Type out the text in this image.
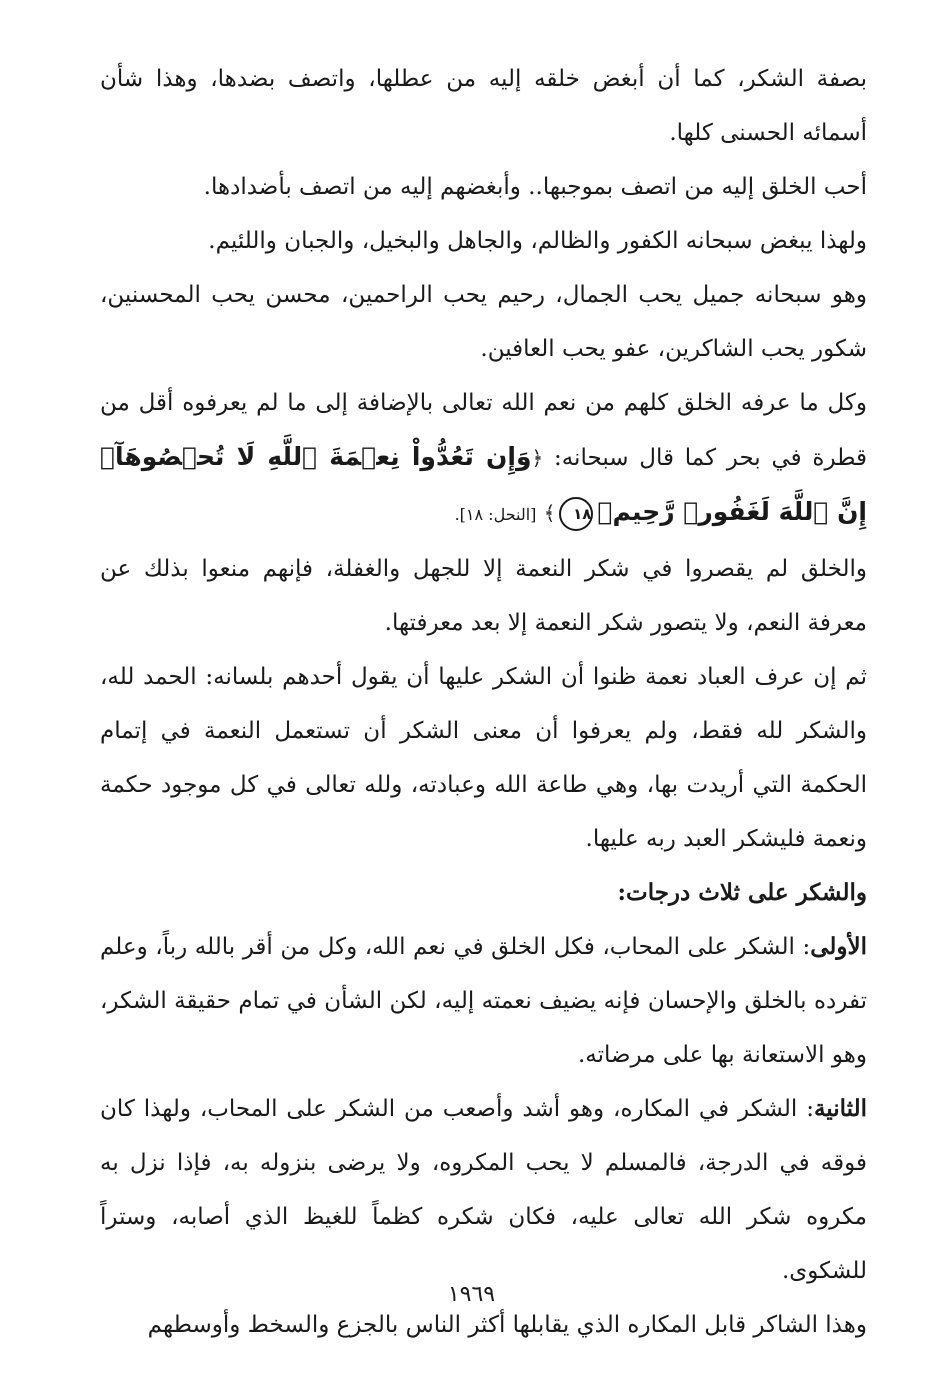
بصفة الشكر، كما أن أبغض خلقه إليه من عطلها، واتصف بضدها، وهذا شأن أسمائه الحسنى كلها.

أحب الخلق إليه من اتصف بموجبها.. وأبغضهم إليه من اتصف بأضدادها.

ولهذا يبغض سبحانه الكفور والظالم، والجاهل والبخيل، والجبان واللئيم.

وهو سبحانه جميل يحب الجمال، رحيم يحب الراحمين، محسن يحب المحسنين، شكور يحب الشاكرين، عفو يحب العافين.

وكل ما عرفه الخلق كلهم من نعم الله تعالى بالإضافة إلى ما لم يعرفوه أقل من قطرة في بحر كما قال سبحانه: ﴿وَإِن تَعُدُّواْ نِعۡمَةَ ٱللَّهِ لَا تُحۡصُوهَآۗ إِنَّ ٱللَّهَ لَغَفُورٞ رَّحِيمٞ١٨﴾ [النحل: ١٨].

والخلق لم يقصروا في شكر النعمة إلا للجهل والغفلة، فإنهم منعوا بذلك عن معرفة النعم، ولا يتصور شكر النعمة إلا بعد معرفتها.

ثم إن عرف العباد نعمة ظنوا أن الشكر عليها أن يقول أحدهم بلسانه: الحمد لله، والشكر لله فقط، ولم يعرفوا أن معنى الشكر أن تستعمل النعمة في إتمام الحكمة التي أريدت بها، وهي طاعة الله وعبادته، ولله تعالى في كل موجود حكمة ونعمة فليشكر العبد ربه عليها.

والشكر على ثلاث درجات:

الأولى: الشكر على المحاب، فكل الخلق في نعم الله، وكل من أقر بالله رباً، وعلم تفرده بالخلق والإحسان فإنه يضيف نعمته إليه، لكن الشأن في تمام حقيقة الشكر، وهو الاستعانة بها على مرضاته.

الثانية: الشكر في المكاره، وهو أشد وأصعب من الشكر على المحاب، ولهذا كان فوقه في الدرجة، فالمسلم لا يحب المكروه، ولا يرضى بنزوله به، فإذا نزل به مكروه شكر الله تعالى عليه، فكان شكره كظماً للغيظ الذي أصابه، وستراً للشكوى.

وهذا الشاكر قابل المكاره الذي يقابلها أكثر الناس بالجزع والسخط وأوسطهم

١٩٦٩
